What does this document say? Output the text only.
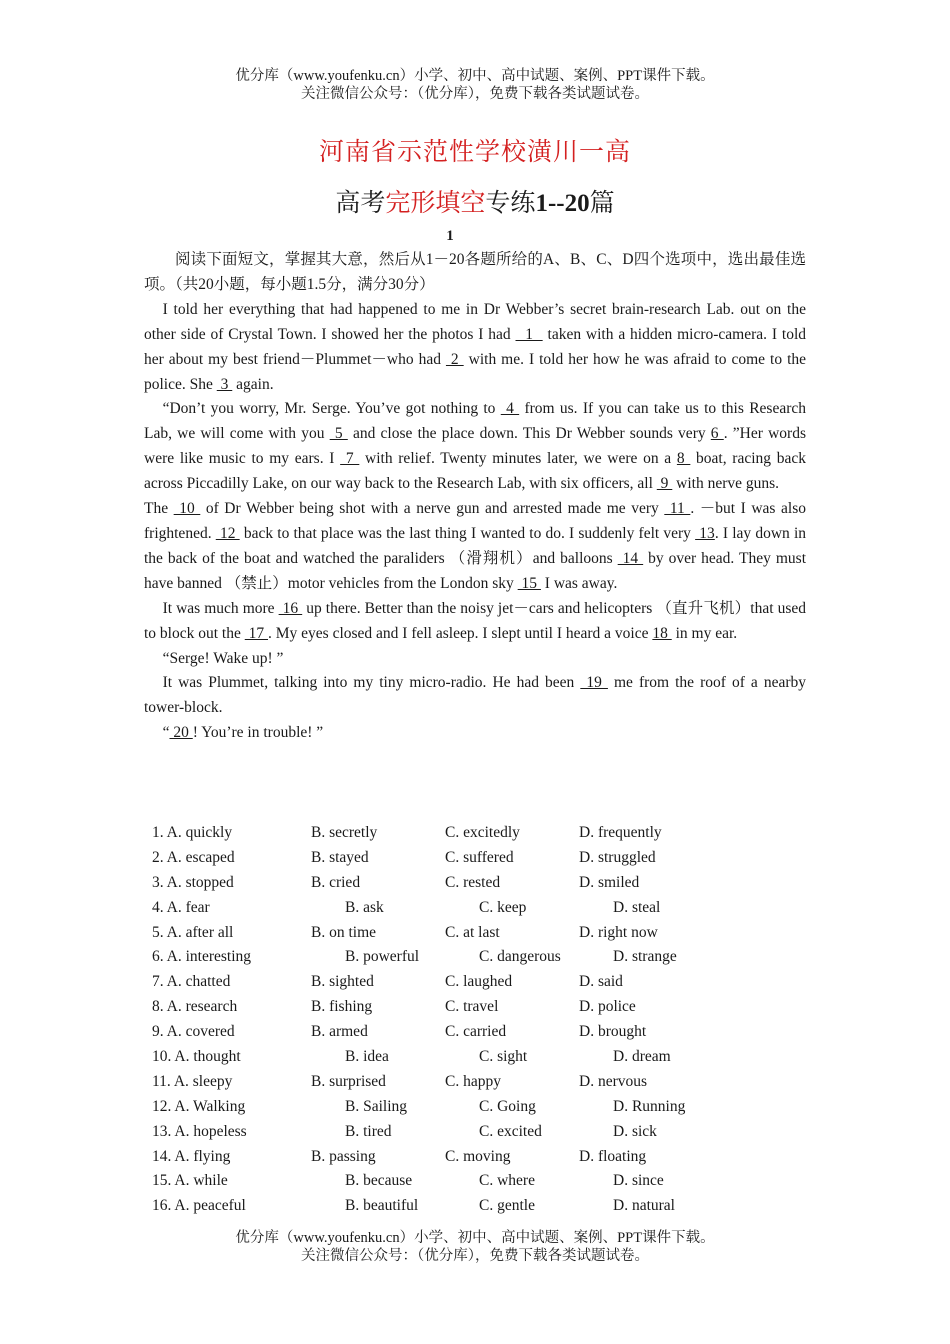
优分库（www.youfenku.cn）小学、初中、高中试题、案例、PPT课件下载。
关注微信公众号：（优分库），免费下载各类试题试卷。
河南省示范性学校潢川一高
高考完形填空专练1--20篇
1

阅读下面短文，掌握其大意，然后从1－20各题所给的A、B、C、D四个选项中，选出最佳选项。（共20小题，每小题1.5分，满分30分）

I told her everything that had happened to me in Dr Webber’s secret brain-research Lab. out on the other side of Crystal Town. I showed her the photos I had   1   taken with a hidden micro-camera. I told her about my best friend－Plummet－who had  2  with me. I told her how he was afraid to come to the police. She  3  again.

“Don’t you worry, Mr. Serge. You’ve got nothing to  4  from us. If you can take us to this Research Lab, we will come with you  5  and close the place down. This Dr Webber sounds very 6 . ”Her words were like music to my ears. I  7  with relief. Twenty minutes later, we were on a 8  boat, racing back across Piccadilly Lake, on our way back to the Research Lab, with six officers, all  9  with nerve guns.

The  10  of Dr Webber being shot with a nerve gun and arrested made me very  11 . －but I was also frightened.  12  back to that place was the last thing I wanted to do. I suddenly felt very  13. I lay down in the back of the boat and watched the paraliders （滑翔机）and balloons  14  by over head. They must have banned （禁止）motor vehicles from the London sky  15  I was away.

It was much more  16  up there. Better than the noisy jet－cars and helicopters （直升飞机）that used to block out the  17 . My eyes closed and I fell asleep. I slept until I heard a voice 18  in my ear.

“Serge! Wake up! ”

It was Plummet, talking into my tiny micro-radio. He had been  19  me from the roof of a nearby tower-block.

“ 20 ! You’re in trouble! ”

1. A. quickly	B. secretly	C. excitedly	D. frequently
2. A. escaped	B. stayed	C. suffered	D. struggled
3. A. stopped	B. cried	C. rested	D. smiled
4. A. fear	B. ask	C. keep	D. steal
5. A. after all	B. on time	C. at last	D. right now
6. A. interesting	B. powerful	C. dangerous	D. strange
7. A. chatted	B. sighted	C. laughed	D. said
8. A. research	B. fishing	C. travel	D. police
9. A. covered	B. armed	C. carried	D. brought
10. A. thought	B. idea	C. sight	D. dream
11. A. sleepy	B. surprised	C. happy	D. nervous
12. A. Walking	B. Sailing	C. Going	D. Running
13. A. hopeless	B. tired	C. excited	D. sick
14. A. flying	B. passing	C. moving	D. floating
15. A. while	B. because	C. where	D. since
16. A. peaceful	B. beautiful	C. gentle	D. natural
优分库（www.youfenku.cn）小学、初中、高中试题、案例、PPT课件下载。
关注微信公众号：（优分库），免费下载各类试题试卷。
